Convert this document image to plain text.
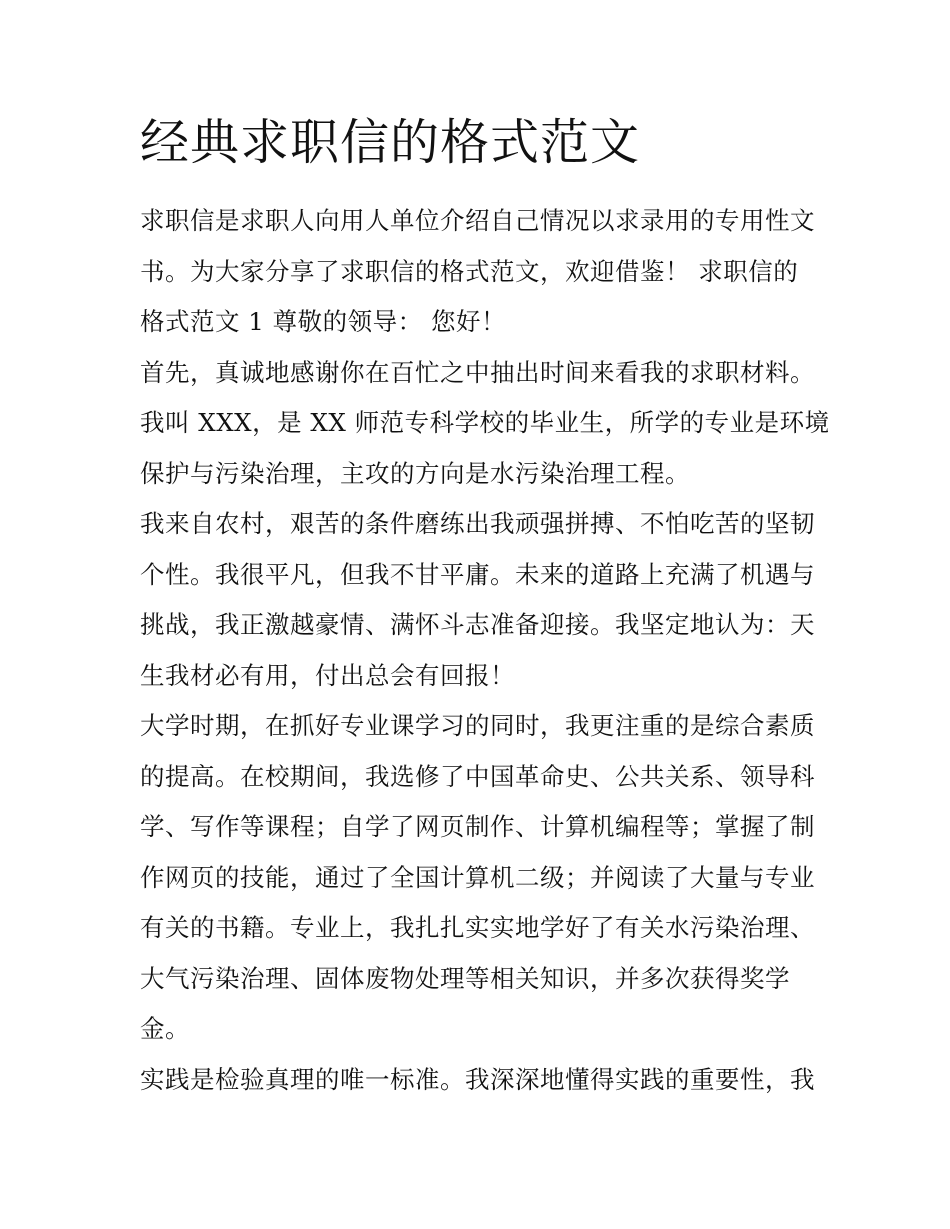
经典求职信的格式范文
求职信是求职人向用人单位介绍自己情况以求录用的专用性文
书。为大家分享了求职信的格式范文，欢迎借鉴！ 求职信的
格式范文 1 尊敬的领导： 您好！
首先，真诚地感谢你在百忙之中抽出时间来看我的求职材料。
我叫 XXX，是 XX 师范专科学校的毕业生，所学的专业是环境
保护与污染治理，主攻的方向是水污染治理工程。
我来自农村，艰苦的条件磨练出我顽强拼搏、不怕吃苦的坚韧
个性。我很平凡，但我不甘平庸。未来的道路上充满了机遇与
挑战，我正激越豪情、满怀斗志准备迎接。我坚定地认为：天
生我材必有用，付出总会有回报！
大学时期，在抓好专业课学习的同时，我更注重的是综合素质
的提高。在校期间，我选修了中国革命史、公共关系、领导科
学、写作等课程；自学了网页制作、计算机编程等；掌握了制
作网页的技能，通过了全国计算机二级；并阅读了大量与专业
有关的书籍。专业上，我扎扎实实地学好了有关水污染治理、
大气污染治理、固体废物处理等相关知识，并多次获得奖学
金。
实践是检验真理的唯一标准。我深深地懂得实践的重要性，我
